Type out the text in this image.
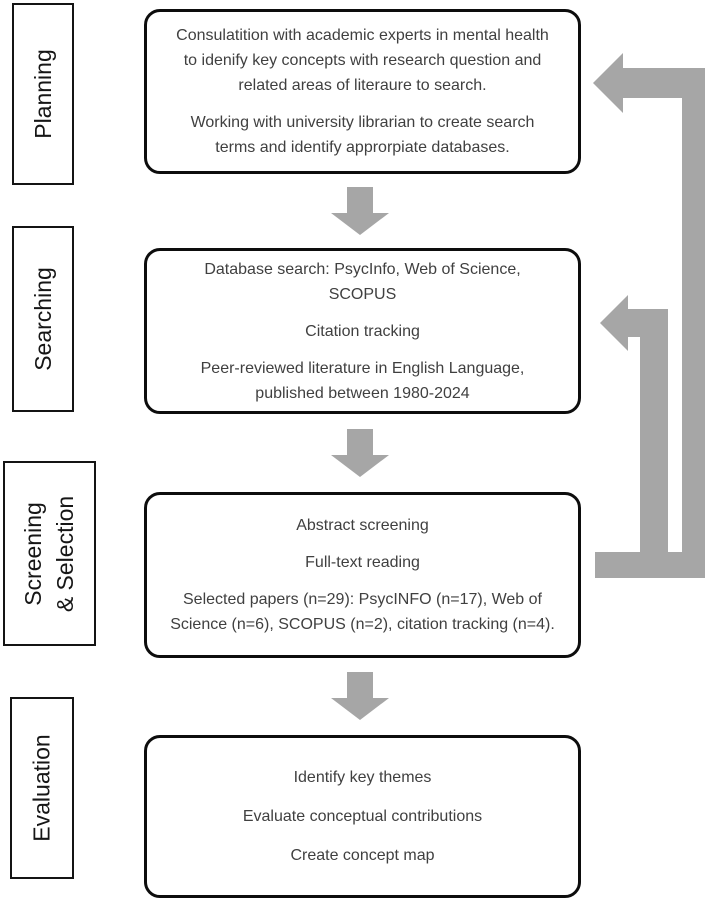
Planning
Searching
Screening & Selection
Evaluation

Consulatition with academic experts in mental health to idenify key concepts with research question and related areas of literaure to search.

Working with university librarian to create search terms and identify approrpiate databases.

Database search: PsycInfo, Web of Science, SCOPUS

Citation tracking

Peer-reviewed literature in English Language, published between 1980-2024

Abstract screening

Full-text reading

Selected papers (n=29): PsycINFO (n=17), Web of Science (n=6), SCOPUS (n=2), citation tracking (n=4).

Identify key themes

Evaluate conceptual contributions

Create concept map
